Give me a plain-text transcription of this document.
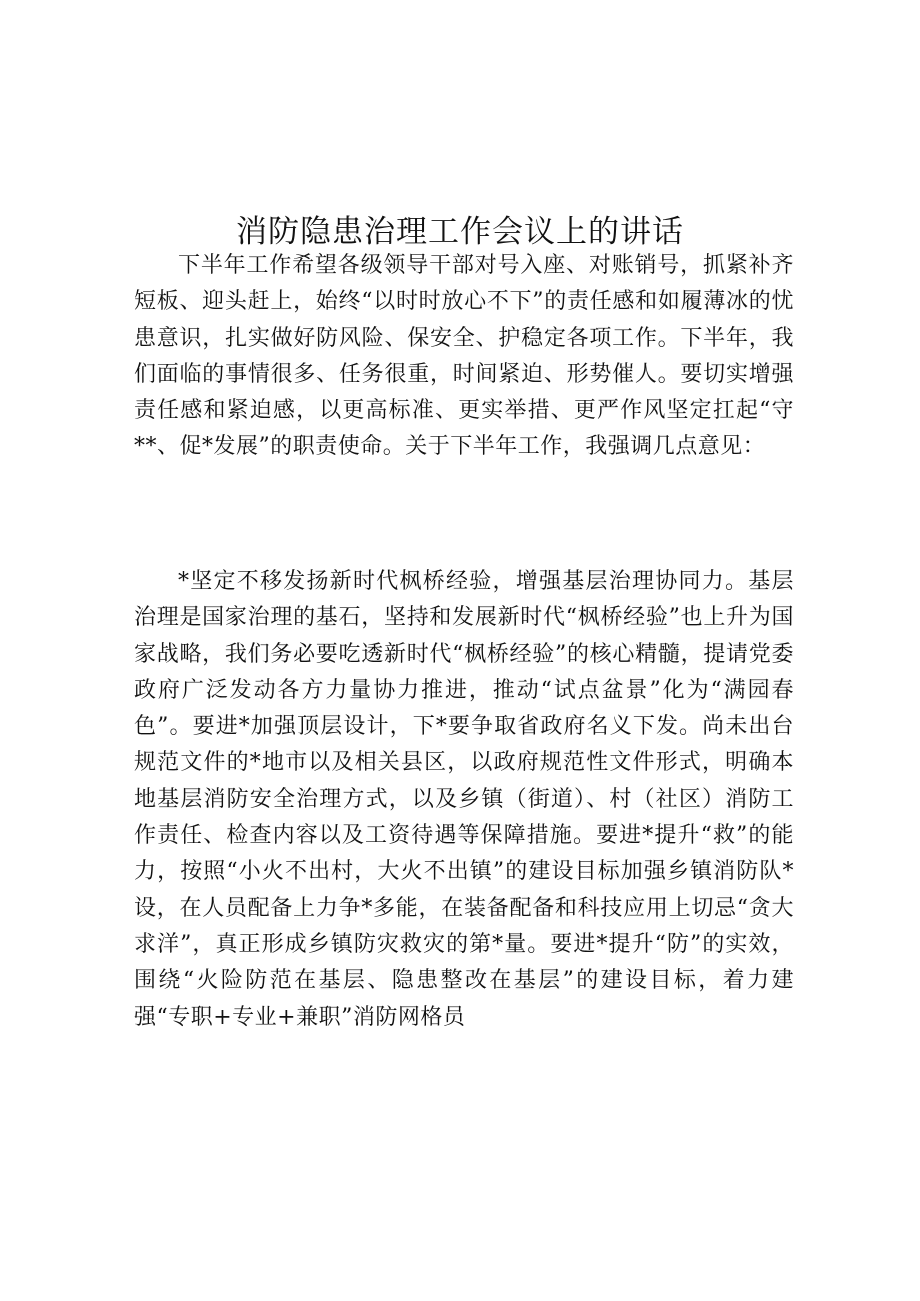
消防隐患治理工作会议上的讲话

下半年工作希望各级领导干部对号入座、对账销号，抓紧补齐短板、迎头赶上，始终“以时时放心不下”的责任感和如履薄冰的忧患意识，扎实做好防风险、保安全、护稳定各项工作。下半年，我们面临的事情很多、任务很重，时间紧迫、形势催人。要切实增强责任感和紧迫感，以更高标准、更实举措、更严作风坚定扛起“守**、促*发展”的职责使命。关于下半年工作，我强调几点意见：

*坚定不移发扬新时代枫桥经验，增强基层治理协同力。基层治理是国家治理的基石，坚持和发展新时代“枫桥经验”也上升为国家战略，我们务必要吃透新时代“枫桥经验”的核心精髓，提请党委政府广泛发动各方力量协力推进，推动“试点盆景”化为“满园春色”。要进*加强顶层设计，下*要争取省政府名义下发。尚未出台规范文件的*地市以及相关县区，以政府规范性文件形式，明确本地基层消防安全治理方式，以及乡镇（街道）、村（社区）消防工作责任、检查内容以及工资待遇等保障措施。要进*提升“救”的能力，按照“小火不出村，大火不出镇”的建设目标加强乡镇消防队*设，在人员配备上力争*多能，在装备配备和科技应用上切忌“贪大求洋”，真正形成乡镇防灾救灾的第*量。要进*提升“防”的实效，围绕“火险防范在基层、隐患整改在基层”的建设目标，着力建强“专职+专业+兼职”消防网格员
